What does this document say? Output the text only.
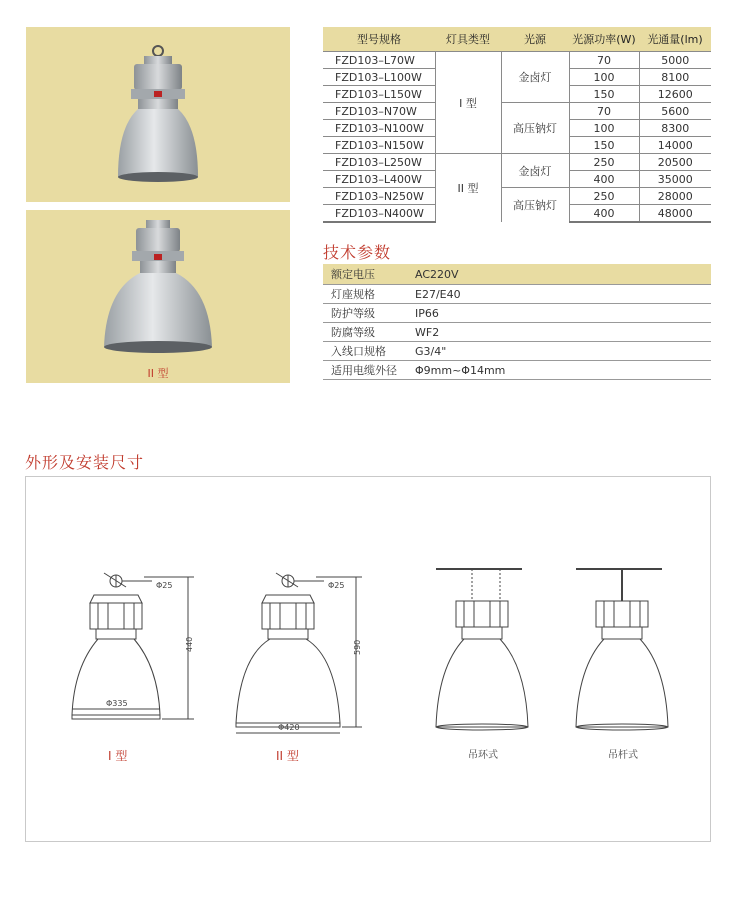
II 型
型号规格	灯具类型	光源	光源功率(W)	光通量(lm)
FZD103–L70W	I 型	金卤灯	70	5000
FZD103–L100W			100	8100
FZD103–L150W			150	12600
FZD103–N70W		高压钠灯	70	5600
FZD103–N100W			100	8300
FZD103–N150W			150	14000
FZD103–L250W	II 型	金卤灯	250	20500
FZD103–L400W			400	35000
FZD103–N250W		高压钠灯	250	28000
FZD103–N400W			400	48000
技术参数
额定电压	AC220V
灯座规格	E27/E40
防护等级	IP66
防腐等级	WF2
入线口规格	G3/4"
适用电缆外径	Φ9mm~Φ14mm
外形及安装尺寸
Φ25
440
Φ335
I 型
Φ25
590
Φ420
II 型	吊环式	吊杆式
